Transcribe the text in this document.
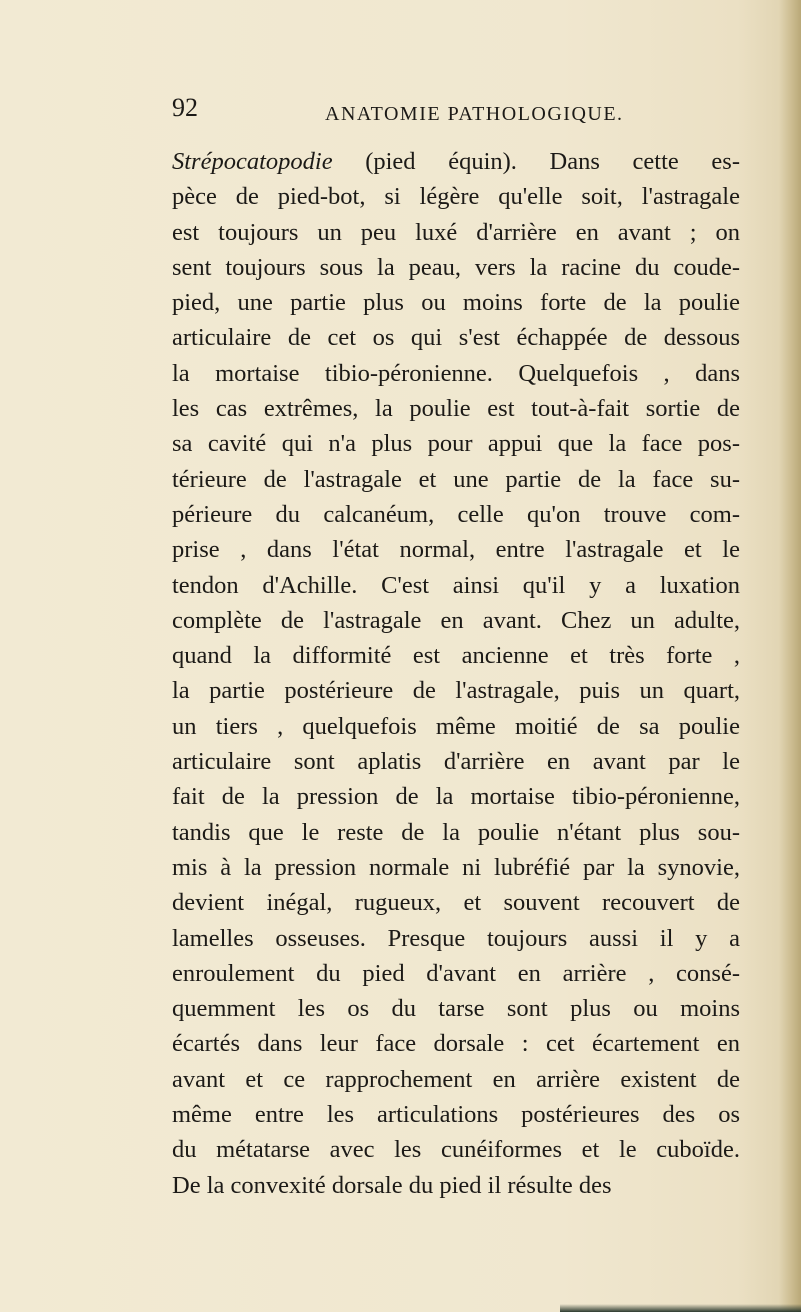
92	ANATOMIE PATHOLOGIQUE.
Strépocatopodie (pied équin). Dans cette es-
pèce de pied-bot, si légère qu'elle soit, l'astragale
est toujours un peu luxé d'arrière en avant ; on
sent toujours sous la peau, vers la racine du coude-
pied, une partie plus ou moins forte de la poulie
articulaire de cet os qui s'est échappée de dessous
la mortaise tibio-péronienne. Quelquefois , dans
les cas extrêmes, la poulie est tout-à-fait sortie de
sa cavité qui n'a plus pour appui que la face pos-
térieure de l'astragale et une partie de la face su-
périeure du calcanéum, celle qu'on trouve com-
prise , dans l'état normal, entre l'astragale et le
tendon d'Achille. C'est ainsi qu'il y a luxation
complète de l'astragale en avant. Chez un adulte,
quand la difformité est ancienne et très forte ,
la partie postérieure de l'astragale, puis un quart,
un tiers , quelquefois même moitié de sa poulie
articulaire sont aplatis d'arrière en avant par le
fait de la pression de la mortaise tibio-péronienne,
tandis que le reste de la poulie n'étant plus sou-
mis à la pression normale ni lubréfié par la synovie,
devient inégal, rugueux, et souvent recouvert de
lamelles osseuses. Presque toujours aussi il y a
enroulement du pied d'avant en arrière , consé-
quemment les os du tarse sont plus ou moins
écartés dans leur face dorsale : cet écartement en
avant et ce rapprochement en arrière existent de
même entre les articulations postérieures des os
du métatarse avec les cunéiformes et le cuboïde.
De la convexité dorsale du pied il résulte des
